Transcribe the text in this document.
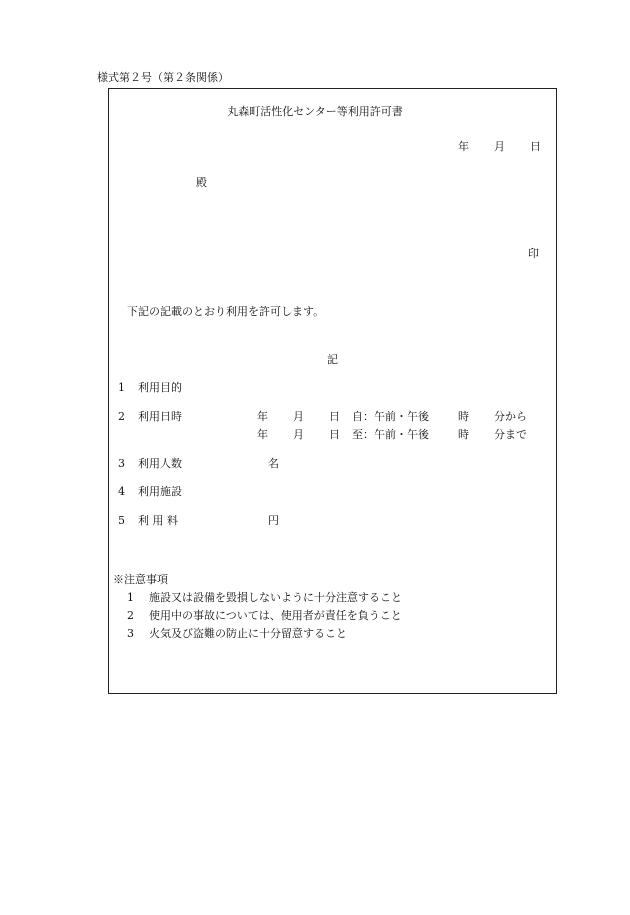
様式第２号（第２条関係）
丸森町活性化センター等利用許可書
年 月 日
殿
印
下記の記載のとおり利用を許可します。
記
1 利用目的
2 利用日時	年 月 日 自：午前・午後	時 分から
年 月 日 至：午前・午後	時 分まで
3 利用人数	名
4 利用施設
5 利 用 料	円
※注意事項
1 施設又は設備を毀損しないように十分注意すること
2 使用中の事故については、使用者が責任を負うこと
3 火気及び盗難の防止に十分留意すること
